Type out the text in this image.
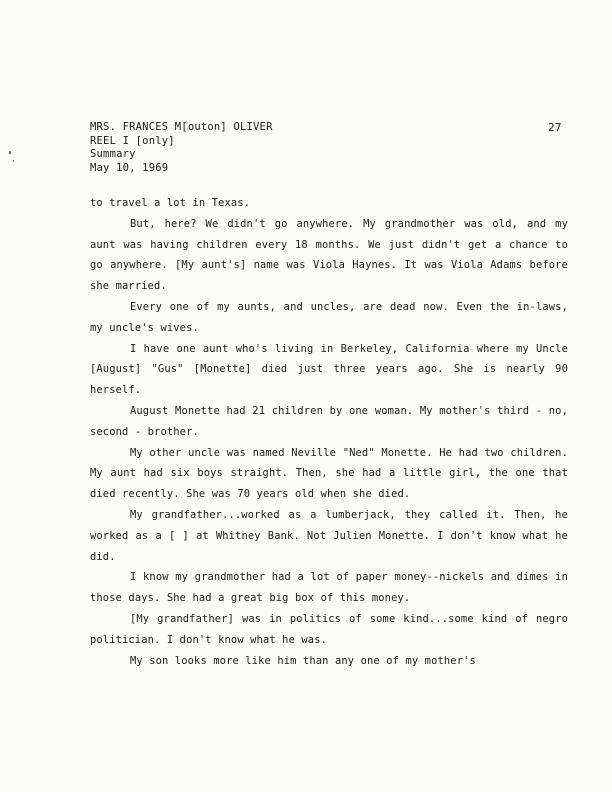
MRS. FRANCES M[outon] OLIVER
REEL I [only]
Summary
May 10, 1969
27

to travel a lot in Texas.

But, here? We didn't go anywhere. My grandmother was old, and my aunt was having children every 18 months. We just didn't get a chance to go anywhere. [My aunt's] name was Viola Haynes. It was Viola Adams before she married.

Every one of my aunts, and uncles, are dead now. Even the in-laws, my uncle's wives.

I have one aunt who's living in Berkeley, California where my Uncle [August] "Gus" [Monette] died just three years ago. She is nearly 90 herself.

August Monette had 21 children by one woman. My mother's third - no, second - brother.

My other uncle was named Neville "Ned" Monette. He had two children. My aunt had six boys straight. Then, she had a little girl, the one that died recently. She was 70 years old when she died.

My grandfather...worked as a lumberjack, they called it. Then, he worked as a [ ] at Whitney Bank. Not Julien Monette. I don't know what he did.

I know my grandmother had a lot of paper money--nickels and dimes in those days. She had a great big box of this money.

[My grandfather] was in politics of some kind...some kind of negro politician. I don't know what he was.

My son looks more like him than any one of my mother's
